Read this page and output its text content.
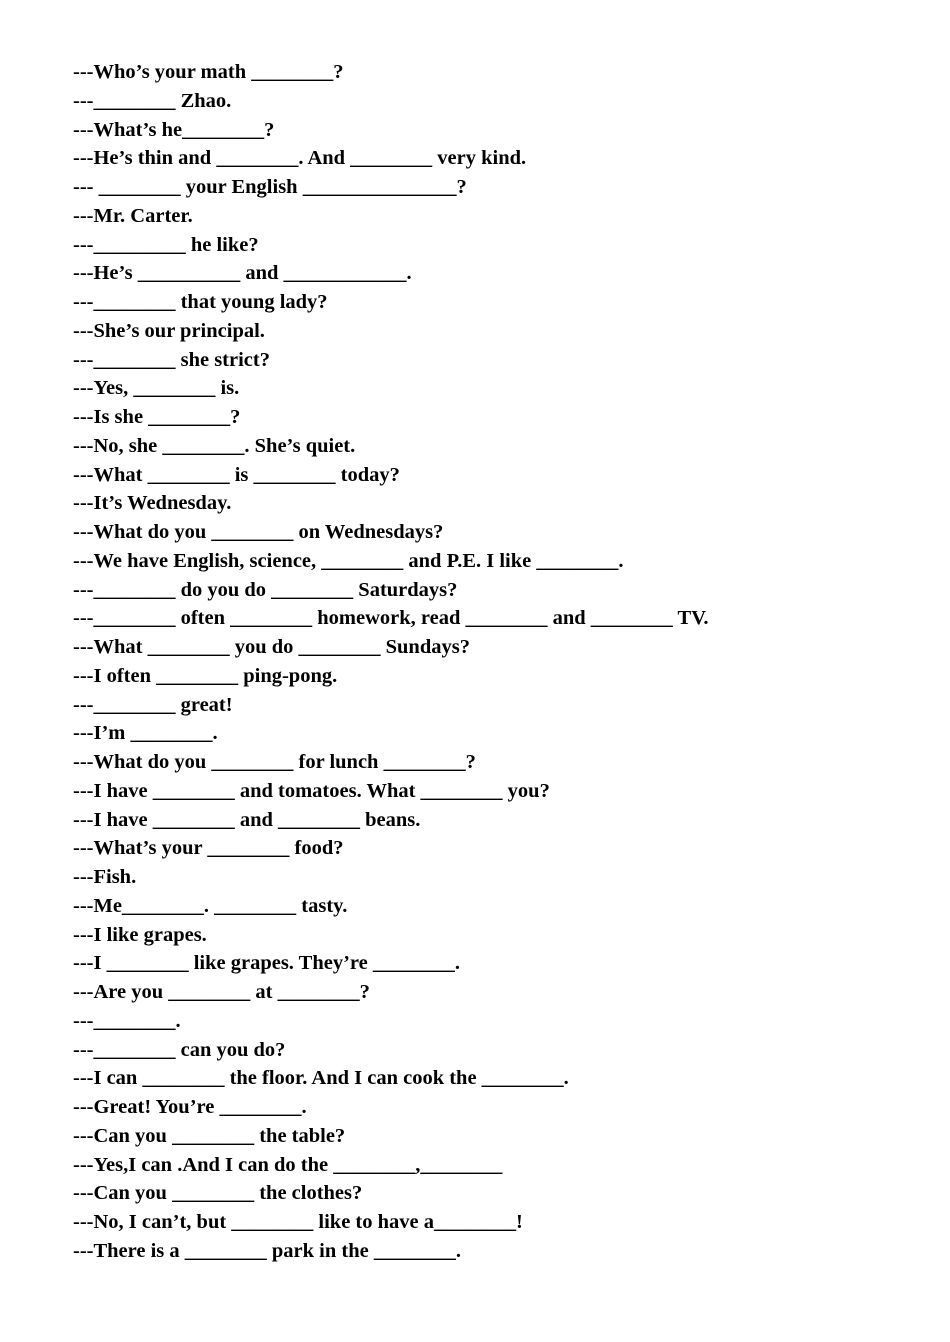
---Who’s your math ________?
---________ Zhao.
---What’s he________?
---He’s thin and ________. And ________ very kind.
--- ________ your English _______________?
---Mr. Carter.
---_________ he like?
---He’s __________ and ____________.
---________ that young lady?
---She’s our principal.
---________ she strict?
---Yes, ________ is.
---Is she ________?
---No, she ________. She’s quiet.
---What ________ is ________ today?
---It’s Wednesday.
---What do you ________ on Wednesdays?
---We have English, science, ________ and P.E. I like ________.
---________ do you do ________ Saturdays?
---________ often ________ homework, read ________ and ________ TV.
---What ________ you do ________ Sundays?
---I often ________ ping-pong.
---________ great!
---I’m ________.
---What do you ________ for lunch ________?
---I have ________ and tomatoes. What ________ you?
---I have ________ and ________ beans.
---What’s your ________ food?
---Fish.
---Me________. ________ tasty.
---I like grapes.
---I ________ like grapes. They’re ________.
---Are you ________ at ________?
---________.
---________ can you do?
---I can ________ the floor. And I can cook the ________.
---Great! You’re ________.
---Can you ________ the table?
---Yes,I can .And I can do the ________,________
---Can you ________ the clothes?
---No, I can’t, but ________ like to have a________!
---There is a ________ park in the ________.
